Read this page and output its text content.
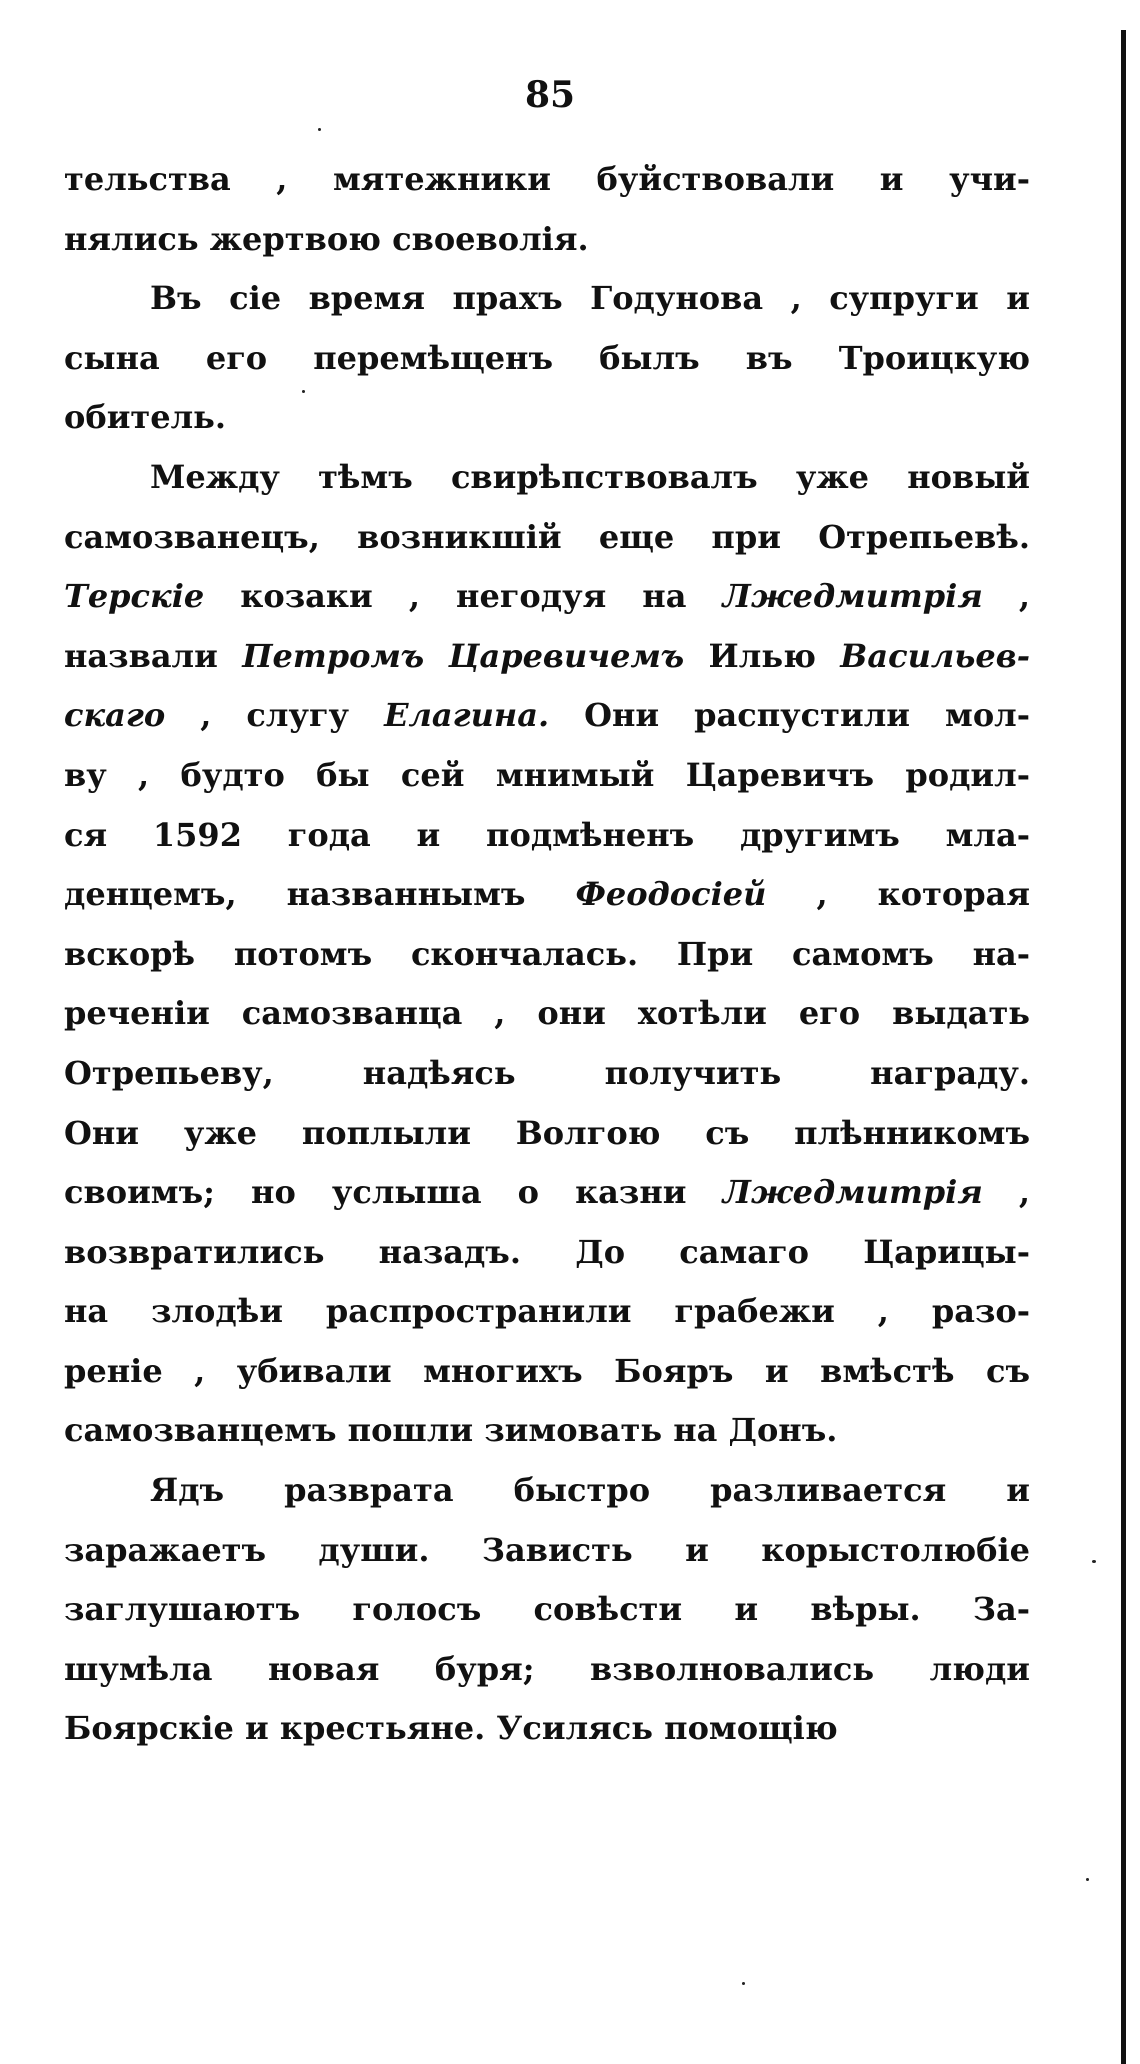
85
тельства , мятежники буйствовали и учи-
нялись жертвою своеволія.
Въ сіе время прахъ Годунова , супруги и
сына его перемѣщенъ былъ въ Троицкую
обитель.
Между тѣмъ свирѣпствовалъ уже новый
самозванецъ, возникшій еще при Отрепьевѣ.
Терскіе козаки , негодуя на Лжедмитрія ,
назвали Петромъ Царевичемъ Илью Васильев-
скаго , слугу Елагина. Они распустили мол-
ву , будто бы сей мнимый Царевичъ родил-
ся 1592 года и подмѣненъ другимъ мла-
денцемъ, названнымъ Феодосіей , которая
вскорѣ потомъ скончалась. При самомъ на-
реченіи самозванца , они хотѣли его выдать
Отрепьеву, надѣясь получить награду.
Они уже поплыли Волгою съ плѣнникомъ
своимъ; но услыша о казни Лжедмитрія ,
возвратились назадъ. До самаго Царицы-
на злодѣи распространили грабежи , разо-
реніе , убивали многихъ Бояръ и вмѣстѣ съ
самозванцемъ пошли зимовать на Донъ.
Ядъ разврата быстро разливается и
заражаетъ души. Зависть и корыстолюбіе
заглушаютъ голосъ совѣсти и вѣры. За-
шумѣла новая буря; взволновались люди
Боярскіе и крестьяне. Усилясь помощію
